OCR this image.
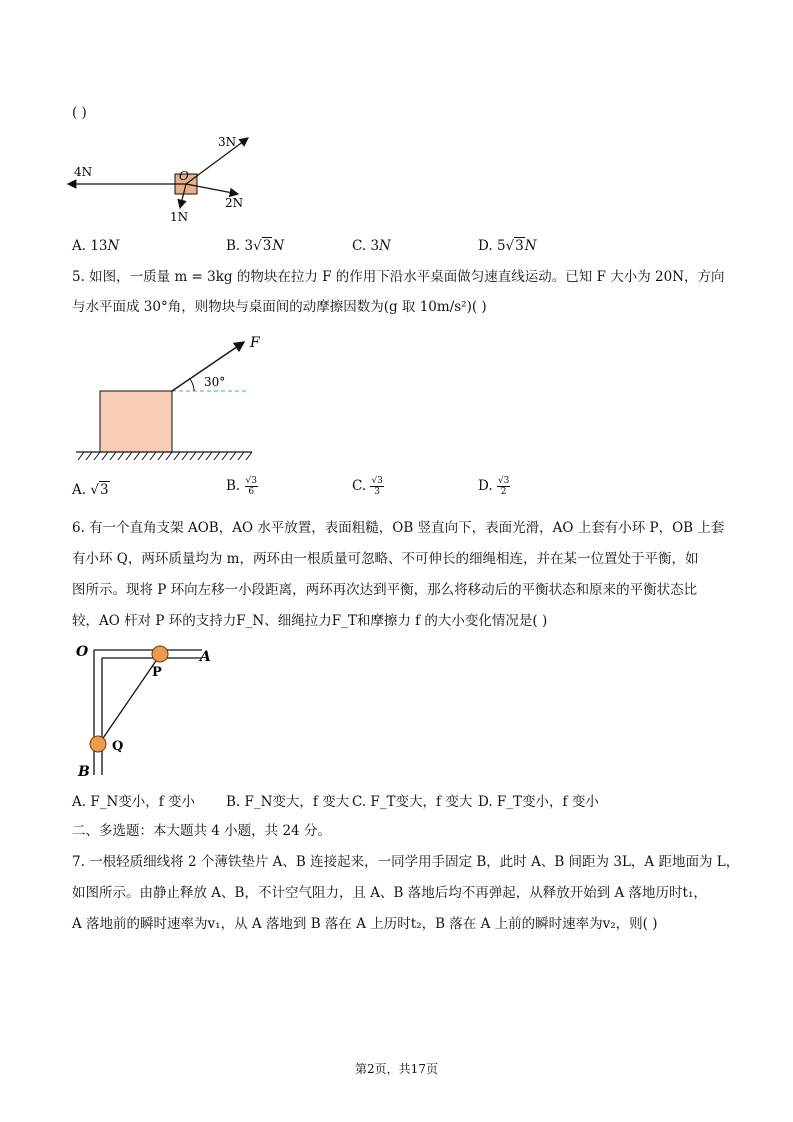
( )
3N
4N	O
1N
2N
A. 13N	B. 3√3N	C. 3N	D. 5√3N
5. 如图，一质量 m = 3kg 的物块在拉力 F 的作用下沿水平桌面做匀速直线运动。已知 F 大小为 20N，方向
与水平面成 30°角，则物块与桌面间的动摩擦因数为(g 取 10m/s²)( )
F
30°
A. √3	B. $\frac{√3}{6}$	C. $\frac{√3}{3}$	D. $\frac{√3}{2}$
6. 有一个直角支架 AOB，AO 水平放置，表面粗糙，OB 竖直向下，表面光滑，AO 上套有小环 P，OB 上套
有小环 Q，两环质量均为 m，两环由一根质量可忽略、不可伸长的细绳相连，并在某一位置处于平衡，如
图所示。现将 P 环向左移一小段距离，两环再次达到平衡，那么将移动后的平衡状态和原来的平衡状态比
较，AO 杆对 P 环的支持力F_N、细绳拉力F_T和摩擦力 f 的大小变化情况是( )
O	A
P
Q
B
A. F_N变小，f 变小 B. F_N变大，f 变大 C. F_T变大，f 变大 D. F_T变小，f 变小
二、多选题：本大题共 4 小题，共 24 分。
7. 一根轻质细线将 2 个薄铁垫片 A、B 连接起来，一同学用手固定 B，此时 A、B 间距为 3L，A 距地面为 L，
如图所示。由静止释放 A、B，不计空气阻力，且 A、B 落地后均不再弹起，从释放开始到 A 落地历时t₁，
A 落地前的瞬时速率为v₁，从 A 落地到 B 落在 A 上历时t₂，B 落在 A 上前的瞬时速率为v₂，则( )
第2页，共17页
